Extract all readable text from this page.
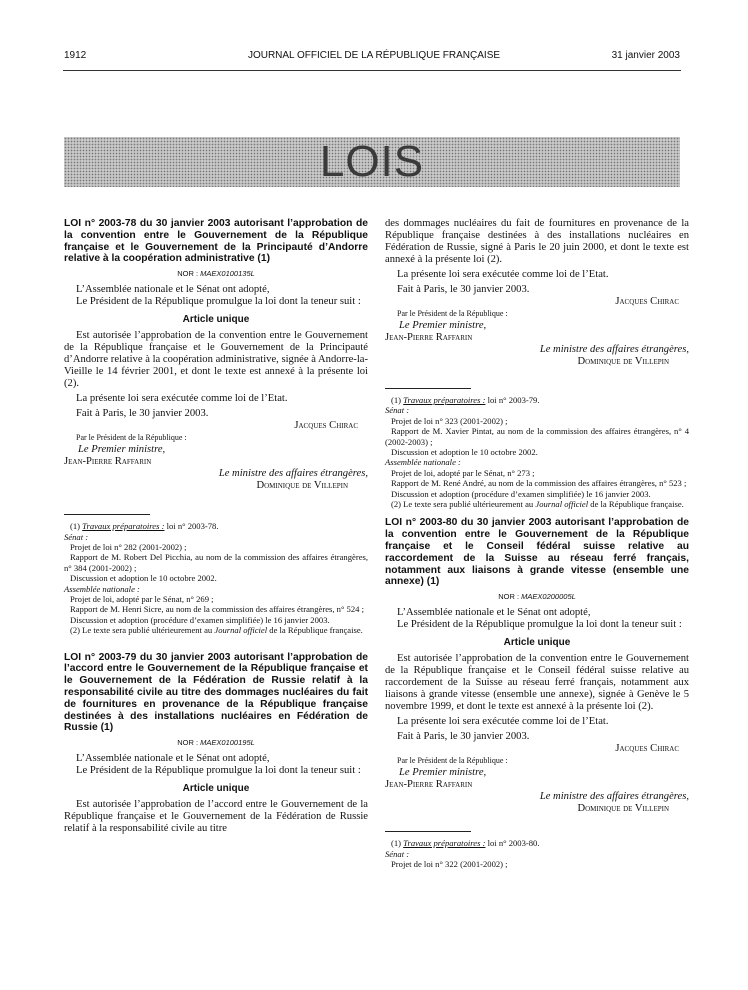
1912	JOURNAL OFFICIEL DE LA RÉPUBLIQUE FRANÇAISE	31 janvier 2003
LOIS
LOI n° 2003-78 du 30 janvier 2003 autorisant l’approbation de la convention entre le Gouvernement de la République française et le Gouvernement de la Principauté d’Andorre relative à la coopération administrative (1)
NOR : MAEX0100135L

L’Assemblée nationale et le Sénat ont adopté,

Le Président de la République promulgue la loi dont la teneur suit :

Article unique

Est autorisée l’approbation de la convention entre le Gouvernement de la République française et le Gouvernement de la Principauté d’Andorre relative à la coopération administrative, signée à Andorre-la-Vieille le 14 février 2001, et dont le texte est annexé à la présente loi (2).

La présente loi sera exécutée comme loi de l’Etat.

Fait à Paris, le 30 janvier 2003.

Jacques Chirac

Par le Président de la République :

Le Premier ministre,

Jean-Pierre Raffarin

Le ministre des affaires étrangères,

Dominique de Villepin

(1) Travaux préparatoires : loi n° 2003-78.

Sénat :

Projet de loi n° 282 (2001-2002) ;

Rapport de M. Robert Del Picchia, au nom de la commission des affaires étrangères, n° 384 (2001-2002) ;

Discussion et adoption le 10 octobre 2002.

Assemblée nationale :

Projet de loi, adopté par le Sénat, n° 269 ;

Rapport de M. Henri Sicre, au nom de la commission des affaires étrangères, n° 524 ;

Discussion et adoption (procédure d’examen simplifiée) le 16 janvier 2003.

(2) Le texte sera publié ultérieurement au Journal officiel de la République française.

LOI n° 2003-79 du 30 janvier 2003 autorisant l’approbation de l’accord entre le Gouvernement de la République française et le Gouvernement de la Fédération de Russie relatif à la responsabilité civile au titre des dommages nucléaires du fait de fournitures en provenance de la République française destinées à des installations nucléaires en Fédération de Russie (1)
NOR : MAEX0100195L

L’Assemblée nationale et le Sénat ont adopté,

Le Président de la République promulgue la loi dont la teneur suit :

Article unique

Est autorisée l’approbation de l’accord entre le Gouvernement de la République française et le Gouvernement de la Fédération de Russie relatif à la responsabilité civile au titre

des dommages nucléaires du fait de fournitures en provenance de la République française destinées à des installations nucléaires en Fédération de Russie, signé à Paris le 20 juin 2000, et dont le texte est annexé à la présente loi (2).

La présente loi sera exécutée comme loi de l’Etat.

Fait à Paris, le 30 janvier 2003.

Jacques Chirac

Par le Président de la République :

Le Premier ministre,

Jean-Pierre Raffarin

Le ministre des affaires étrangères,

Dominique de Villepin

(1) Travaux préparatoires : loi n° 2003-79.

Sénat :

Projet de loi n° 323 (2001-2002) ;

Rapport de M. Xavier Pintat, au nom de la commission des affaires étrangères, n° 4 (2002-2003) ;

Discussion et adoption le 10 octobre 2002.

Assemblée nationale :

Projet de loi, adopté par le Sénat, n° 273 ;

Rapport de M. René André, au nom de la commission des affaires étrangères, n° 523 ;

Discussion et adoption (procédure d’examen simplifiée) le 16 janvier 2003.

(2) Le texte sera publié ultérieurement au Journal officiel de la République française.

LOI n° 2003-80 du 30 janvier 2003 autorisant l’approbation de la convention entre le Gouvernement de la République française et le Conseil fédéral suisse relative au raccordement de la Suisse au réseau ferré français, notamment aux liaisons à grande vitesse (ensemble une annexe) (1)
NOR : MAEX0200005L

L’Assemblée nationale et le Sénat ont adopté,

Le Président de la République promulgue la loi dont la teneur suit :

Article unique

Est autorisée l’approbation de la convention entre le Gouvernement de la République française et le Conseil fédéral suisse relative au raccordement de la Suisse au réseau ferré français, notamment aux liaisons à grande vitesse (ensemble une annexe), signée à Genève le 5 novembre 1999, et dont le texte est annexé à la présente loi (2).

La présente loi sera exécutée comme loi de l’Etat.

Fait à Paris, le 30 janvier 2003.

Jacques Chirac

Par le Président de la République :

Le Premier ministre,

Jean-Pierre Raffarin

Le ministre des affaires étrangères,

Dominique de Villepin

(1) Travaux préparatoires : loi n° 2003-80.

Sénat :

Projet de loi n° 322 (2001-2002) ;
